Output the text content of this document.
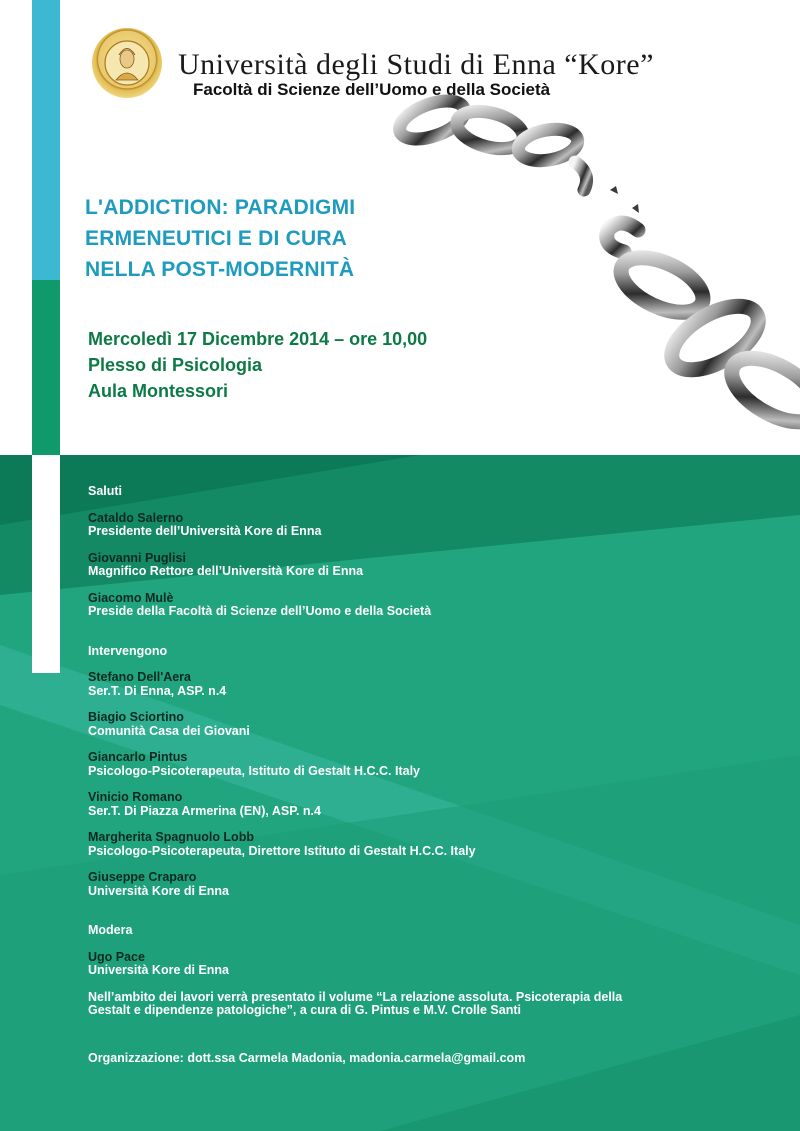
Università degli Studi di Enna “Kore”
Facoltà di Scienze dell’Uomo e della Società
L'ADDICTION: PARADIGMI
ERMENEUTICI E DI CURA
NELLA POST-MODERNITÀ
Mercoledì 17 Dicembre 2014 – ore 10,00
Plesso di Psicologia
Aula Montessori
Saluti
Cataldo Salerno
Presidente dell’Università Kore di Enna
Giovanni Puglisi
Magnifico Rettore dell’Università Kore di Enna
Giacomo Mulè
Preside della Facoltà di Scienze dell’Uomo e della Società
Intervengono
Stefano Dell'Aera
Ser.T. Di Enna, ASP. n.4
Biagio Sciortino
Comunità Casa dei Giovani
Giancarlo Pintus
Psicologo-Psicoterapeuta, Istituto di Gestalt H.C.C. Italy
Vinicio Romano
Ser.T. Di Piazza Armerina (EN), ASP. n.4
Margherita Spagnuolo Lobb
Psicologo-Psicoterapeuta, Direttore Istituto di Gestalt H.C.C. Italy
Giuseppe Craparo
Università Kore di Enna
Modera
Ugo Pace
Università Kore di Enna
Nell’ambito dei lavori verrà presentato il volume “La relazione assoluta. Psicoterapia della
Gestalt e dipendenze patologiche”, a cura di G. Pintus e M.V. Crolle Santi
Organizzazione: dott.ssa Carmela Madonia, madonia.carmela@gmail.com
